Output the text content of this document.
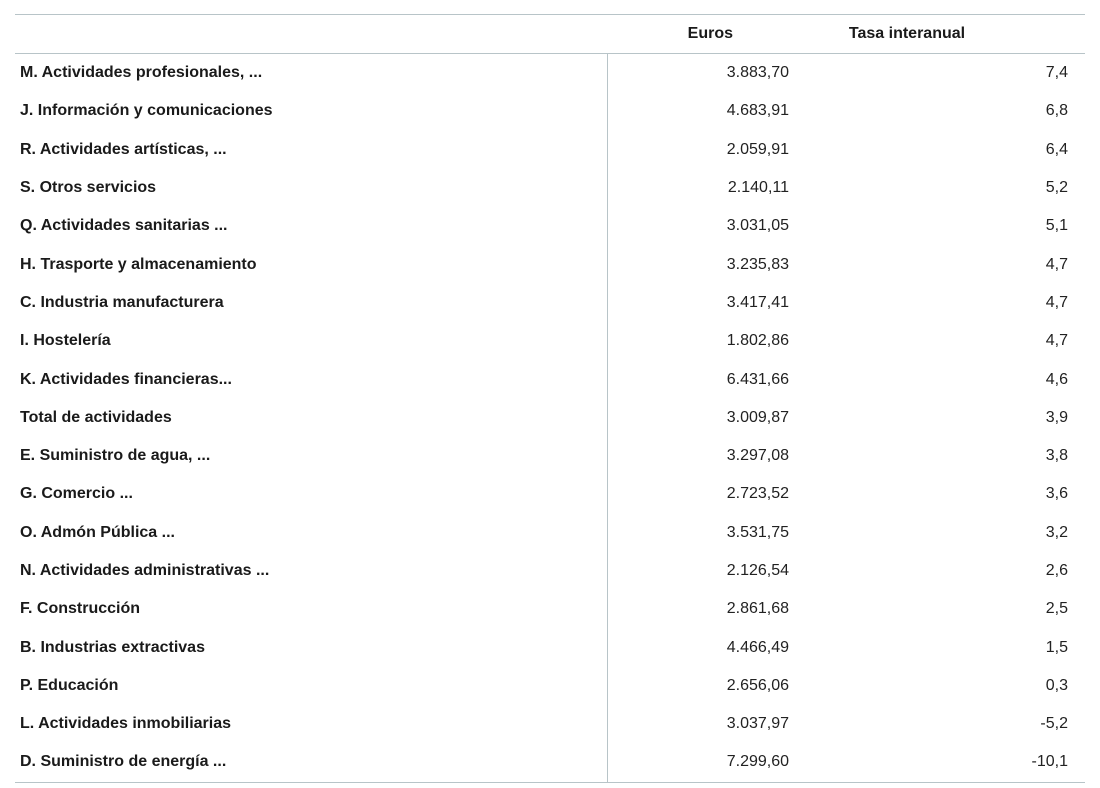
	Euros	Tasa interanual
M. Actividades profesionales, ...	3.883,70	7,4
J. Información y comunicaciones	4.683,91	6,8
R. Actividades artísticas, ...	2.059,91	6,4
S. Otros servicios	2.140,11	5,2
Q. Actividades sanitarias ...	3.031,05	5,1
H. Trasporte y almacenamiento	3.235,83	4,7
C. Industria manufacturera	3.417,41	4,7
I. Hostelería	1.802,86	4,7
K. Actividades financieras...	6.431,66	4,6
Total de actividades	3.009,87	3,9
E. Suministro de agua, ...	3.297,08	3,8
G. Comercio ...	2.723,52	3,6
O. Admón Pública ...	3.531,75	3,2
N. Actividades administrativas ...	2.126,54	2,6
F. Construcción	2.861,68	2,5
B. Industrias extractivas	4.466,49	1,5
P. Educación	2.656,06	0,3
L. Actividades inmobiliarias	3.037,97	-5,2
D. Suministro de energía ...	7.299,60	-10,1
